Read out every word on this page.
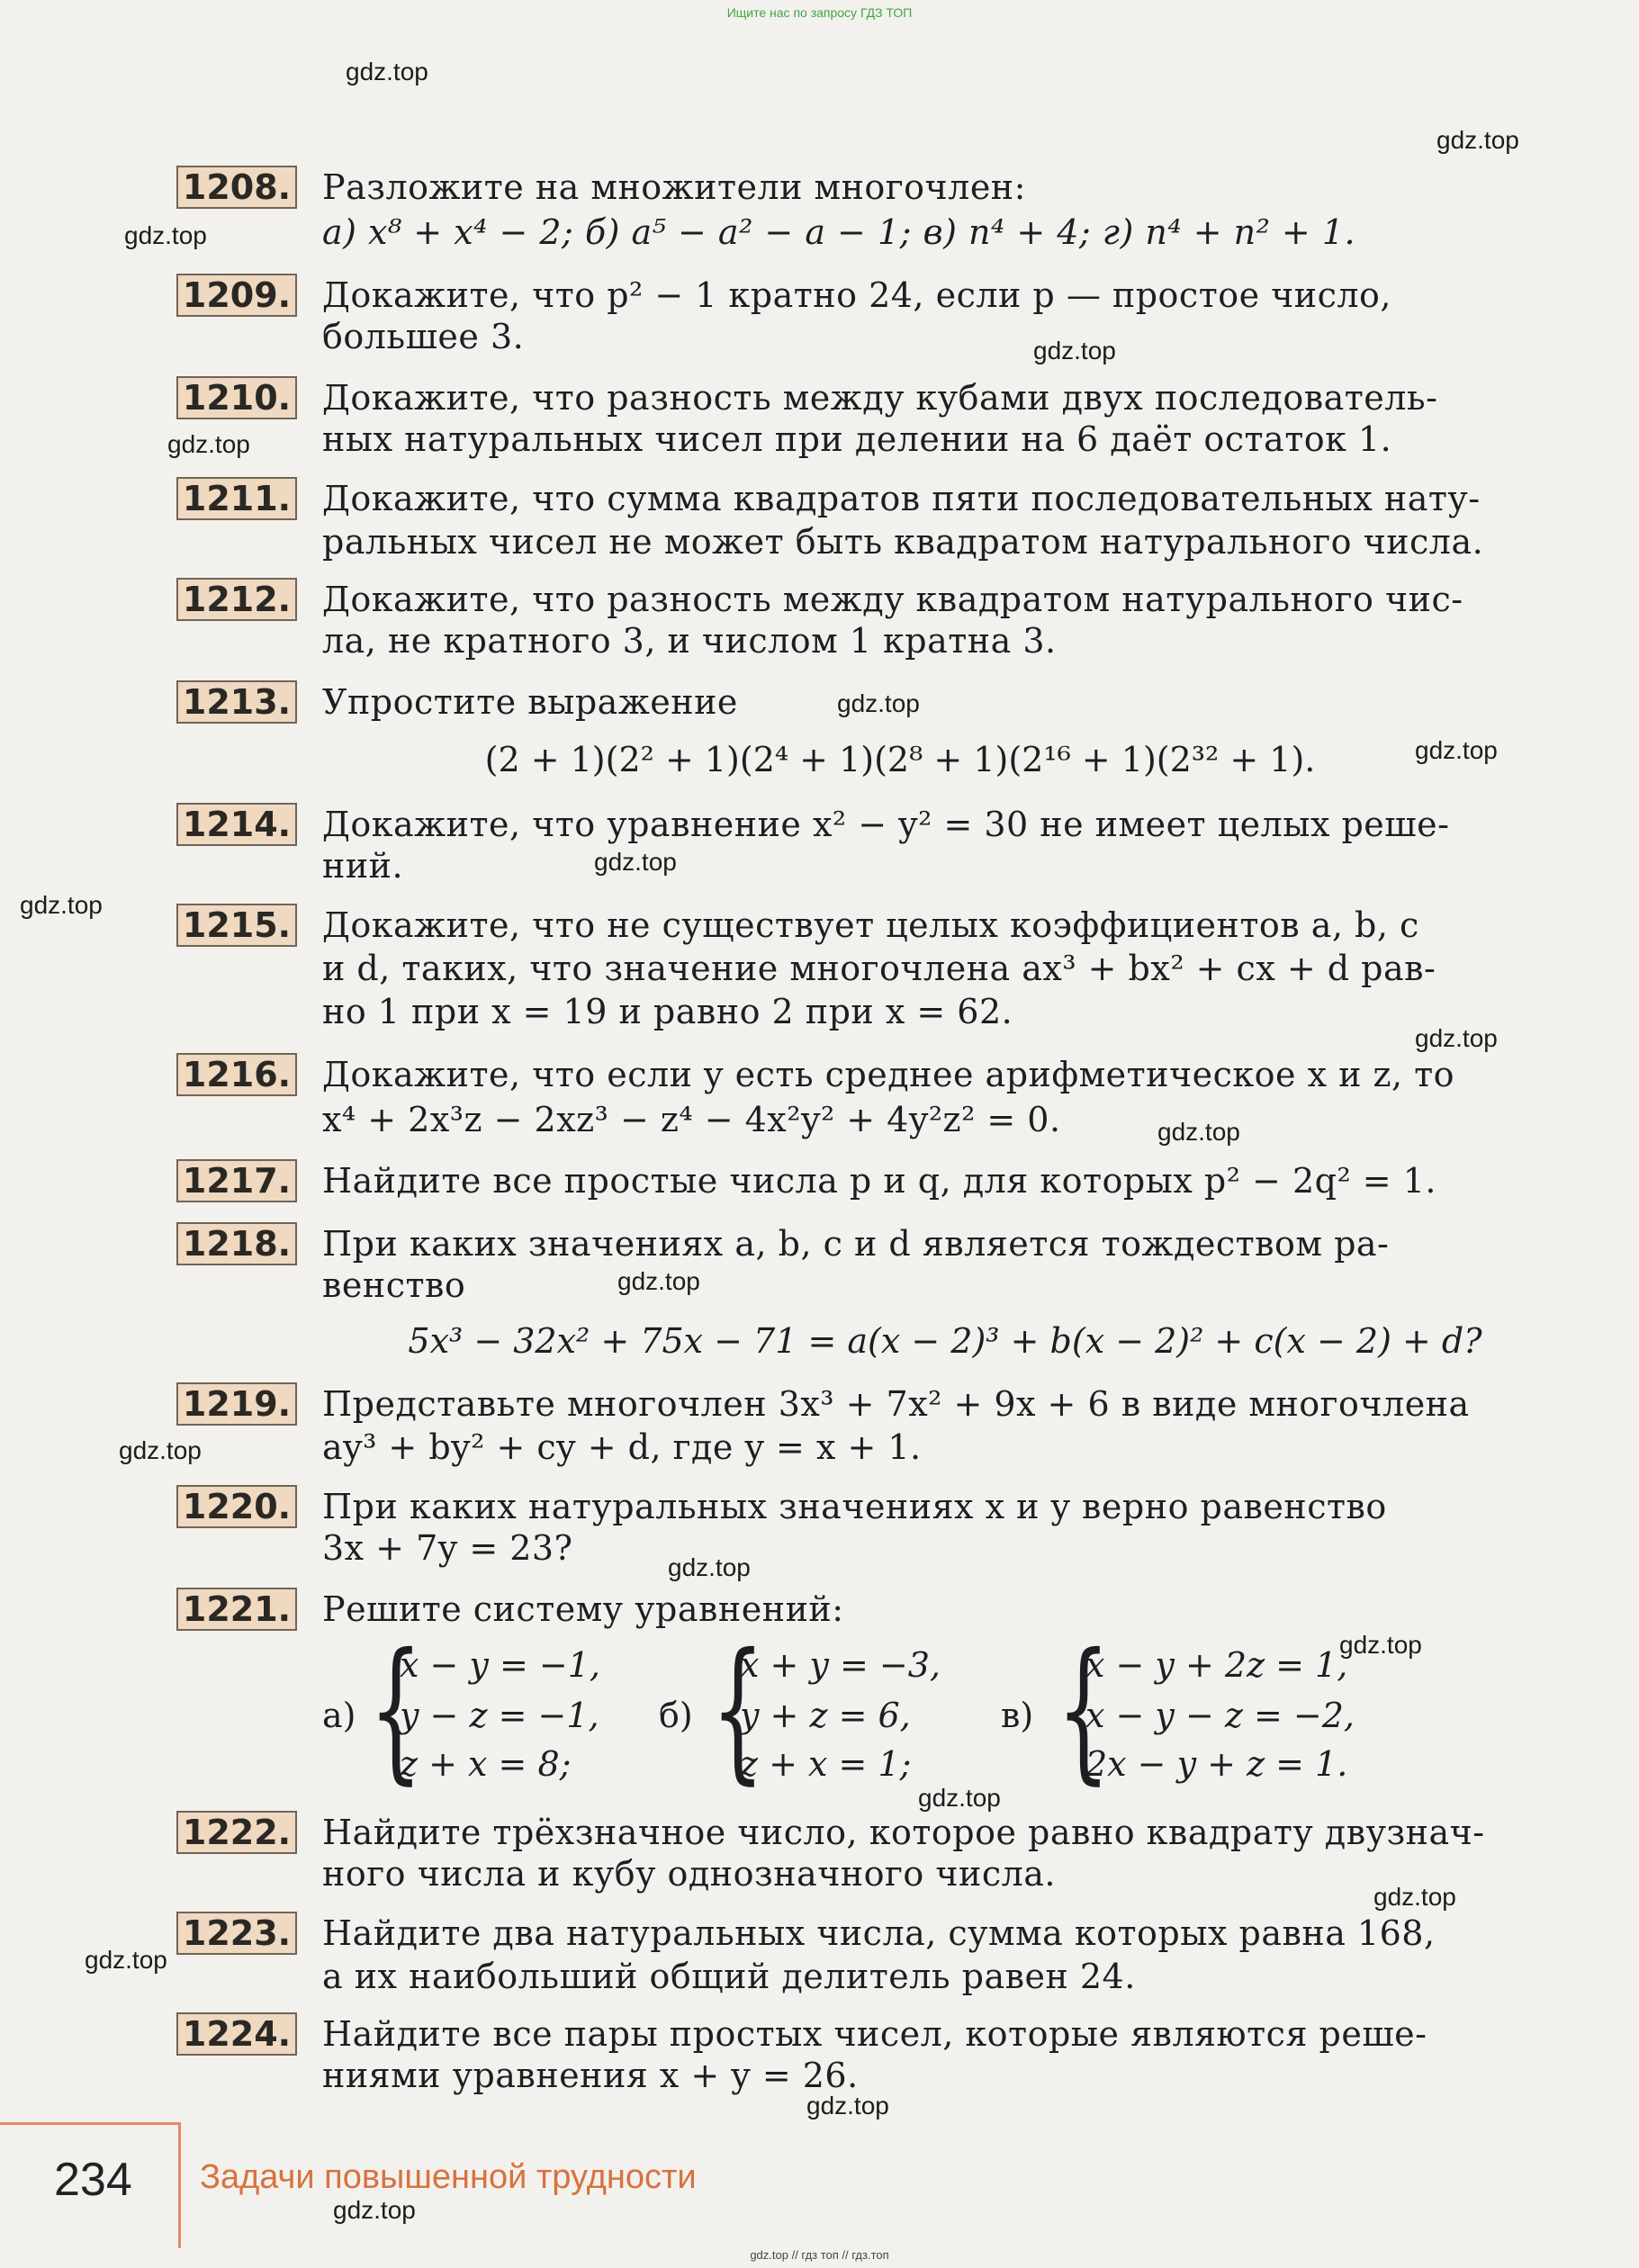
Ищите нас по запросу ГДЗ ТОП
gdz.top
gdz.top
gdz.top
gdz.top
gdz.top
gdz.top
gdz.top
gdz.top
gdz.top
gdz.top
gdz.top
gdz.top
gdz.top
gdz.top
gdz.top
gdz.top
gdz.top
gdz.top
gdz.top
gdz.top
1208. Разложите на множители многочлен:
а) x⁸ + x⁴ − 2; б) a⁵ − a² − a − 1; в) n⁴ + 4; г) n⁴ + n² + 1.
1209. Докажите, что p² − 1 кратно 24, если p — простое число,
большее 3.
1210. Докажите, что разность между кубами двух последователь-
ных натуральных чисел при делении на 6 даёт остаток 1.
1211. Докажите, что сумма квадратов пяти последовательных нату-
ральных чисел не может быть квадратом натурального числа.
1212. Докажите, что разность между квадратом натурального чис-
ла, не кратного 3, и числом 1 кратна 3.
1213. Упростите выражение
(2 + 1)(2² + 1)(2⁴ + 1)(2⁸ + 1)(2¹⁶ + 1)(2³² + 1).
1214. Докажите, что уравнение x² − y² = 30 не имеет целых реше-
ний.
1215. Докажите, что не существует целых коэффициентов a, b, c
и d, таких, что значение многочлена ax³ + bx² + cx + d рав-
но 1 при x = 19 и равно 2 при x = 62.
1216. Докажите, что если y есть среднее арифметическое x и z, то
x⁴ + 2x³z − 2xz³ − z⁴ − 4x²y² + 4y²z² = 0.
1217. Найдите все простые числа p и q, для которых p² − 2q² = 1.
1218. При каких значениях a, b, c и d является тождеством ра-
венство
5x³ − 32x² + 75x − 71 = a(x − 2)³ + b(x − 2)² + c(x − 2) + d?
1219. Представьте многочлен 3x³ + 7x² + 9x + 6 в виде многочлена
ay³ + by² + cy + d, где y = x + 1.
1220. При каких натуральных значениях x и y верно равенство
3x + 7y = 23?
1221. Решите систему уравнений:
а) {
x − y = −1,
y − z = −1,
z + x = 8;
б) {
x + y = −3,
y + z = 6,
z + x = 1;
в) {
x − y + 2z = 1,
x − y − z = −2,
2x − y + z = 1.
1222. Найдите трёхзначное число, которое равно квадрату двузнач-
ного числа и кубу однозначного числа.
1223. Найдите два натуральных числа, сумма которых равна 168,
а их наибольший общий делитель равен 24.
1224. Найдите все пары простых чисел, которые являются реше-
ниями уравнения x + y = 26.
234 Задачи повышенной трудности
gdz.top // гдз топ // гдз.топ
